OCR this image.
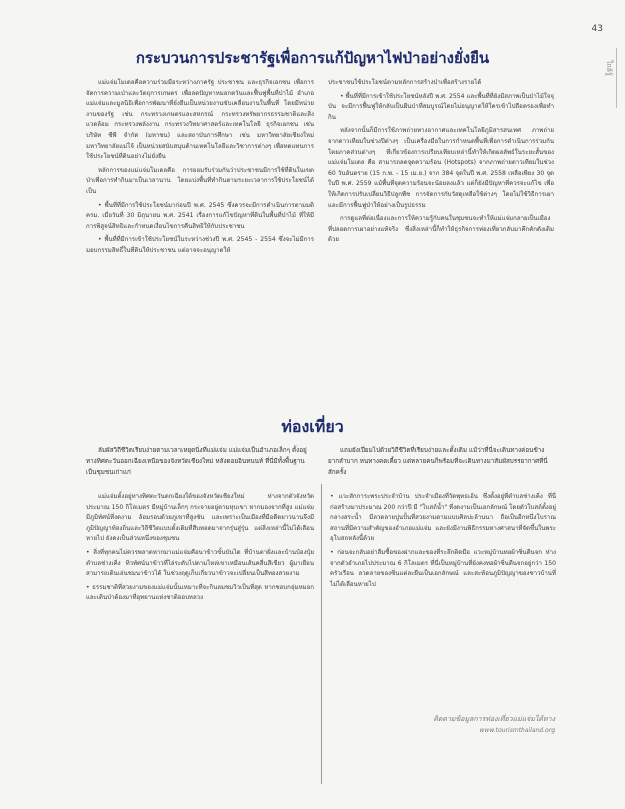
43
ใกล้รู้
กระบวนการประชารัฐเพื่อการแก้ปัญหาไฟป่าอย่างยั่งยืน

แม่แจ่มโมเดลคือความร่วมมือระหว่างภาครัฐ ประชาชน และธุรกิจเอกชน เพื่อการจัดการความเป่าและวัตถุการเกษตร เพื่อลดปัญหาหมอกควันและฟื้นฟูพื้นที่ป่าไม้ อำเภอแม่แจ่มและมูลนิธิเพื่อการพัฒนาที่ยั่งยืนเป็นหน่วยงานขับเคลื่อนงานในพื้นที่ โดยมีหน่วยงานของรัฐ เช่น กระทรวงเกษตรและสหกรณ์ กระทรวงทรัพยากรธรรมชาติและสิ่งแวดล้อม กระทรวงพลังงาน กระทรวงวิทยาศาสตร์และเทคโนโลยี ธุรกิจเอกชน เช่น บริษัท ซีพี จำกัด (มหาชน) และสถาบันการศึกษา เช่น มหาวิทยาลัยเชียงใหม่ มหาวิทยาลัยแม่โจ้ เป็นหน่วยสนับสนุนด้านเทคโนโลยีและวิชาการต่างๆ เพื่อทดแทนการใช้ประโยชน์ที่ดินอย่างไม่ยั่งยืน

หลักการของแม่แจ่มโมเดลคือ การยอมรับร่วมกันว่าประชาชนมีการใช้ที่ดินในเขตป่าเพื่อการทำกินมาเป็นเวลานาน โดยแบ่งพื้นที่ทำกินตามระยะเวลาการใช้ประโยชน์ได้เป็น

• พื้นที่ที่มีการใช้ประโยชน์มาก่อนปี พ.ศ. 2545 ซึ่งควรจะมีการดำเนินการตามมติ ครม. เมื่อวันที่ 30 มิถุนายน พ.ศ. 2541 เรื่องการแก้ไขปัญหาที่ดินในพื้นที่ป่าไม้ ที่ให้มีการพิสูจน์สิทธิและกำหนดเงื่อนไขการคืนสิทธิให้กับประชาชน

• พื้นที่ที่มีการเข้าใช้ประโยชน์ในระหว่างช่วงปี พ.ศ. 2545 - 2554 ซึ่งจะไม่มีการมอบกรรมสิทธิ์ในที่ดินให้ประชาชน แต่อาจจะอนุญาตให้

ประชาชนใช้ประโยชน์ตามหลักการสร้างป่าเพื่อสร้างรายได้

• พื้นที่ที่มีการเข้าใช้ประโยชน์หลังปี พ.ศ. 2554 และพื้นที่ที่ยังมีสภาพเป็นป่าไม้ใจจุบัน จะมีการฟื้นฟูให้กลับเป็นผืนป่าที่สมบูรณ์โดยไม่อนุญาตให้ใครเข้าไปถือครองเพื่อทำกิน

หลังจากนั้นก็มีการใช้ภาพถ่ายทางอากาศและเทคโนโลยีภูมิสารสนเทศ ภาพถ่ายจากดาวเทียมในช่วงปีต่างๆ เป็นเครื่องมือในการกำหนดพื้นที่เพื่อการดำเนินการร่วมกันโดยภาคส่วนต่างๆ ที่เกี่ยวข้องการเปรียบเทียบเหล่านี้ทำให้เกิดผลลัพธ์ในระยะสั้นของแม่แจ่มโมเดล คือ สามารถลดจุดความร้อน (Hotspots) จากภาพถ่ายดาวเทียมในช่วง 60 วันอันตราย (15 ก.พ. - 15 เม.ย.) จาก 384 จุดในปี พ.ศ. 2558 เหลือเพียง 30 จุดในปี พ.ศ. 2559 แม้พื้นที่จุดความร้อนจะน้อยลงแล้ว แต่ก็ยังมีปัญหาที่ควรจะแก้ไข เพื่อให้เกิดการปรับเปลี่ยนวิธีปลูกพืช การจัดการกับวัสดุเหลือใช้ต่างๆ โดยไม่ใช้วิธีการเผาและมีการฟื้นฟูป่าให้อย่างเป็นรูปธรรม

การดูแลที่ต่อเนื่องและการให้ความรู้กับคนในชุมชนจะทำให้แม่แจ่มกลายเป็นเมืองที่ปลอดการเผาอย่างแท้จริง ซึ่งสิ่งเหล่านี้ก็ทำให้ธุรกิจการท่องเที่ยวกลับมาคึกคักดังเดิมด้วย

ท่องเที่ยว

ลัมผัสวิถีชีวิตเรียบง่ายตามเวลาเหยุดนิ่งที่แม่แจ่ม แม่แจ่มเป็นอำเภอเล็กๆ ตั้งอยู่ทางทิศตะวันออกเฉียงเหนือของจังหวัดเชียงใหม่ หลังดอยอินทนนท์ ที่นี่มีทั้งพื้นฐานเป็นชุมชนเก่าแก่

แถมยังเปี่ยมไปด้วยวิถีชีวิตที่เรียบง่ายและดั้งเดิม แม้ว่าที่นี่จะเดินทางค่อนข้างยากลำบาก หนทางคดเคี้ยว แต่หลายคนก็พร้อมที่จะเดินทางมาสัมผัสบรรยากาศที่นี่สักครั้ง

แม่แจ่มตั้งอยู่ทางทิศตะวันตกเฉียงใต้ของจังหวัดเชียงใหม่ ห่างจากตัวจังหวัดประมาณ 150 กิโลเมตร มีหมู่บ้านเล็กๆ กระจายอยู่ตามหุบเขา หากมองจากที่สูง แม่แจ่มมีภูมิทัศน์ที่งดงาม ล้อมรอบด้วยภูเขาที่สูงชัน และเพราะเป็นเมืองที่มีอดีตยาวนานจึงมีภูมิปัญญาท้องถิ่นและวิถีชีวิตแบบดั้งเดิมที่สืบทอดมาจากรุ่นสู่รุ่น แต่สิ่งเหล่านี้ไม่ได้เลือนหายไป ยังคงเป็นส่วนหนึ่งของชุมชน

• สิ่งที่ทุกคนไม่ควรพลาดหากมาแม่แจ่มคือนาข้าวขั้นบันได ที่บ้านตาฝั่งและบ้านบ้องปุ๋ย ตำบลช่างเคิ่ง ทิวทัศน์นาข้าวที่ไล่ระดับไปตามไหล่เขาเหมือนเส้นคลื่นสีเขียว ผู้มาเยือนสามารถเดินเล่นชมนาข้าวได้ ในช่วงฤดูเก็บเกี่ยวนาข้าวจะเปลี่ยนเป็นสีทองสวยงาม

• ธรรมชาติที่สวยงามของแม่แจ่มนั้นเหมาะที่จะกินลมชมวิวเป็นที่สุด หากชอบกลุ่มหมอกและเดินป่าต้องมาที่อุทยานแห่งชาติออบหลวง

• แวะสักการะพระประจำบ้าน ประจำเมืองที่วัดพุทธเอ้น ซึ่งตั้งอยู่ที่ตำบลช่างเคิ่ง ที่นี่ก่อสร้างมาประมาณ 200 กว่าปี มี "โบสถ์น้ำ" ที่งดงามเป็นเอกลักษณ์ โดยตัวโบสถ์ตั้งอยู่กลางสระน้ำ มีลวดลายปูนปั้นที่สวยงามตามแบบศิลปะล้านนา ถือเป็นอีกหนึ่งโบราณสถานที่มีความสำคัญของอำเภอแม่แจ่ม และยังมีงานพิธีกรรมทางศาสนาที่จัดขึ้นในพระอุโบสถหลังนี้ด้วย

• ก่อนจะกลับอย่าลืมซื้อของฝากและของที่ระลึกติดมือ แวะหมู่บ้านทอผ้าซิ่นตีนจก ห่างจากตัวอำเภอไปประมาณ 6 กิโลเมตร ที่นี่เป็นหมู่บ้านที่ยังคงทอผ้าซิ่นตีนจกอยู่กว่า 150 ครัวเรือน ลวดลายของซิ่นแต่ละผืนเป็นเอกลักษณ์ และสะท้อนภูมิปัญญาของชาวบ้านที่ไม่ได้เลือนหายไป

ติดตามข้อมูลการท่องเที่ยวแม่แจ่มได้ทาง
www.tourismthailand.org
